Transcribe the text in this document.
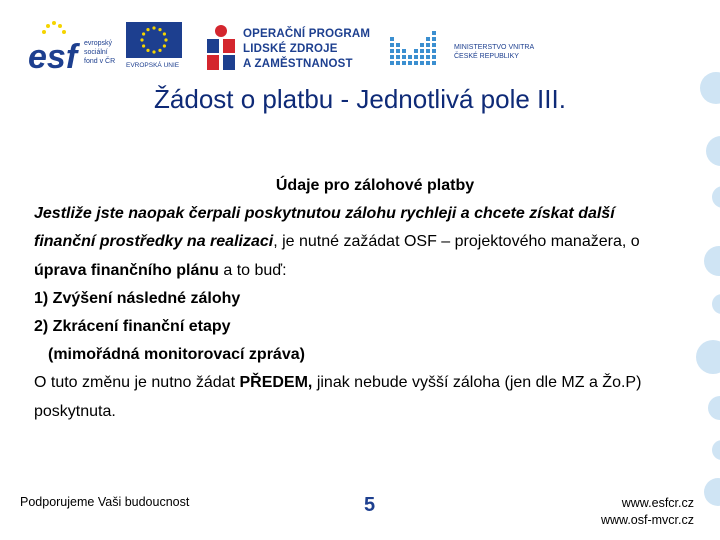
esf evropský
sociální
fond v ČR
EVROPSKÁ UNIE
OPERAČNÍ PROGRAM
LIDSKÉ ZDROJE
A ZAMĚSTNANOST
MINISTERSTVO VNITRA
ČESKÉ REPUBLIKY
Žádost o platbu - Jednotlivá pole III.
Údaje pro zálohové platby
Jestliže jste naopak čerpali poskytnutou zálohu rychleji a chcete získat další finanční prostředky na realizaci, je nutné zažádat OSF – projektového manažera, o úprava finančního plánu a to buď:
1) Zvýšení následné zálohy
2) Zkrácení finanční etapy
(mimořádná monitorovací zpráva)
O tuto změnu je nutno žádat PŘEDEM, jinak nebude vyšší záloha (jen dle MZ a Žo.P) poskytnuta.
Podporujeme Vaši budoucnost	5	www.esfcr.cz
www.osf-mvcr.cz
